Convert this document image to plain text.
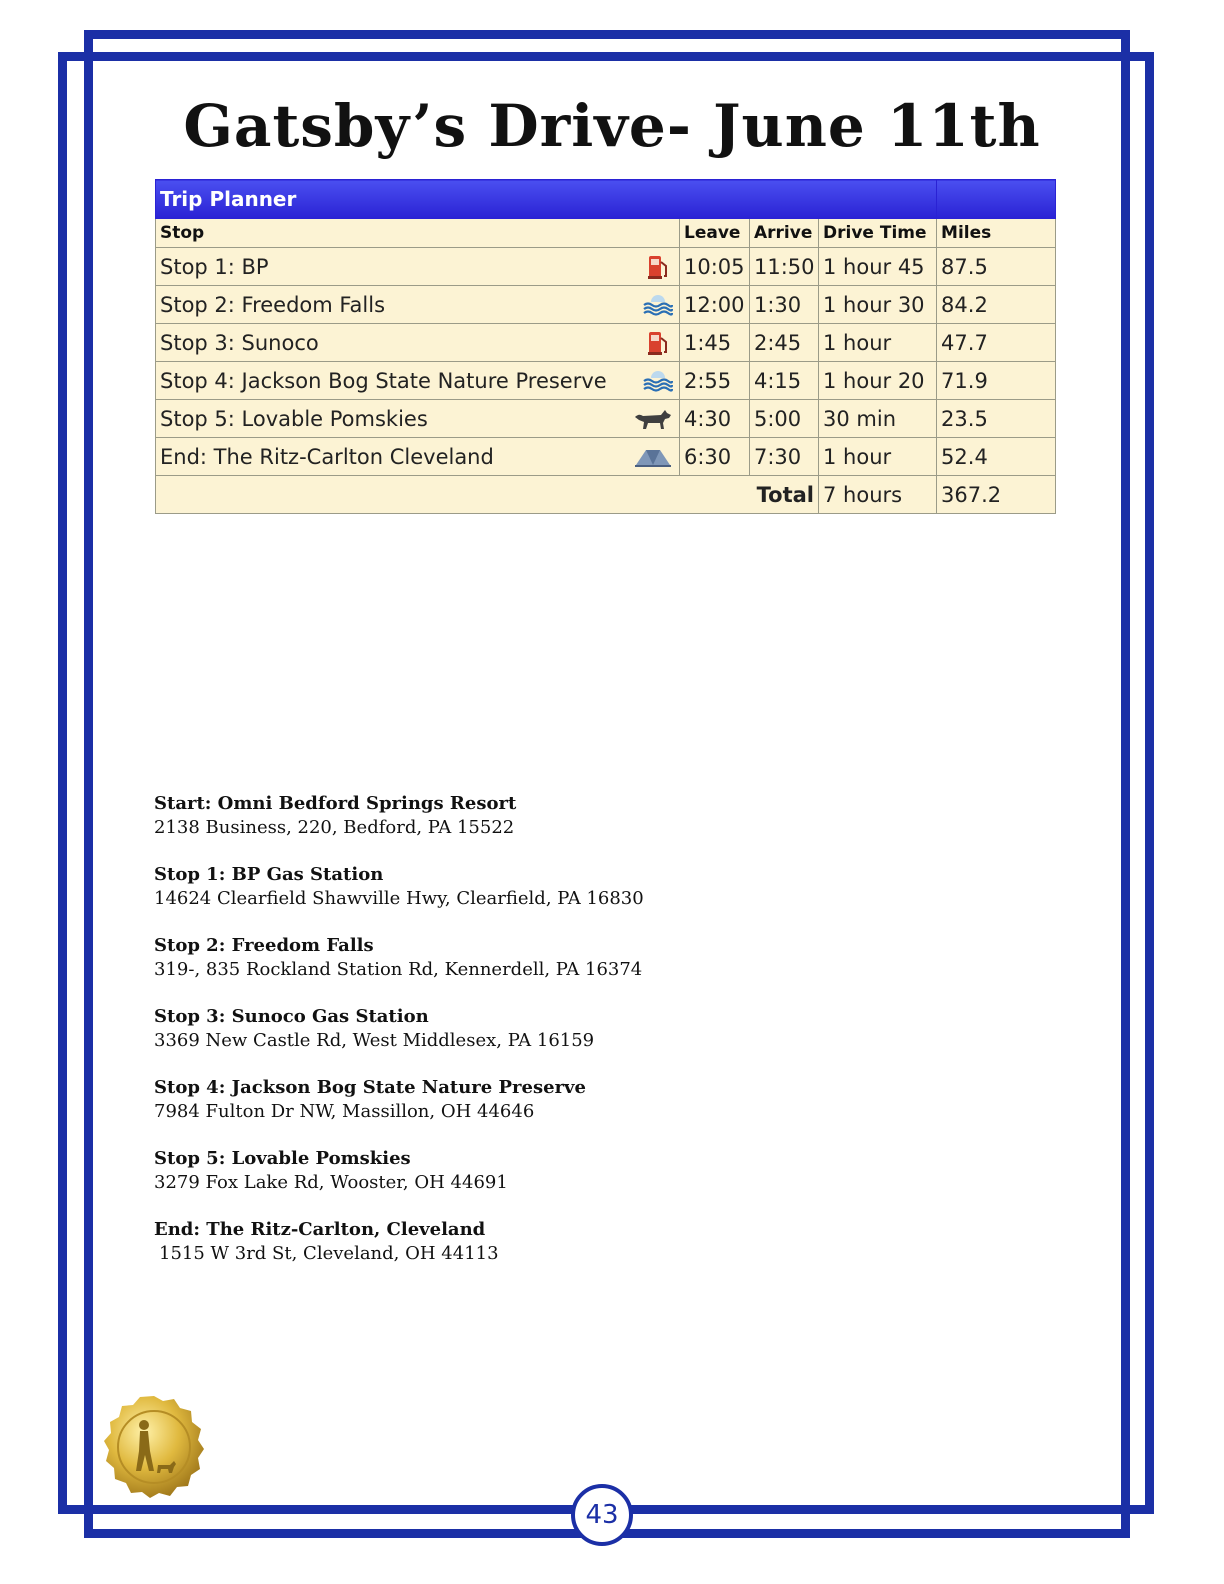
Gatsby’s Drive- June 11th
Trip Planner				
Stop	Leave	Arrive	Drive Time	Miles
Stop 1: BP	10:05	11:50	1 hour 45	87.5
Stop 2: Freedom Falls	12:00	1:30	1 hour 30	84.2
Stop 3: Sunoco	1:45	2:45	1 hour	47.7
Stop 4: Jackson Bog State Nature Preserve	2:55	4:15	1 hour 20	71.9
Stop 5: Lovable Pomskies	4:30	5:00	30 min	23.5
End: The Ritz-Carlton Cleveland	6:30	7:30	1 hour	52.4
Total			7 hours	367.2
Start: Omni Bedford Springs Resort
2138 Business, 220, Bedford, PA 15522
Stop 1: BP Gas Station
14624 Clearfield Shawville Hwy, Clearfield, PA 16830
Stop 2: Freedom Falls
319-, 835 Rockland Station Rd, Kennerdell, PA 16374
Stop 3: Sunoco Gas Station
3369 New Castle Rd, West Middlesex, PA 16159
Stop 4: Jackson Bog State Nature Preserve
7984 Fulton Dr NW, Massillon, OH 44646
Stop 5: Lovable Pomskies
3279 Fox Lake Rd, Wooster, OH 44691
End: The Ritz-Carlton, Cleveland
1515 W 3rd St, Cleveland, OH 44113
43
